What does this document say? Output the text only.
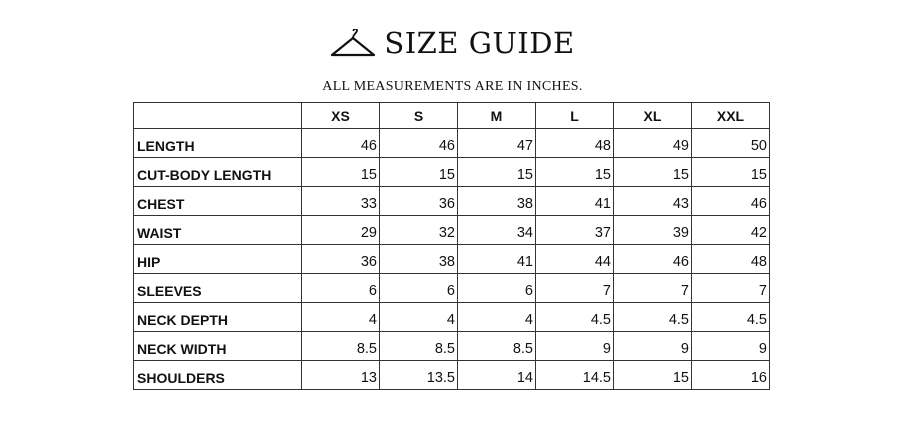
SIZE GUIDE
ALL MEASUREMENTS ARE IN INCHES.
	XS	S	M	L	XL	XXL
LENGTH	46	46	47	48	49	50
CUT-BODY LENGTH	15	15	15	15	15	15
CHEST	33	36	38	41	43	46
WAIST	29	32	34	37	39	42
HIP	36	38	41	44	46	48
SLEEVES	6	6	6	7	7	7
NECK DEPTH	4	4	4	4.5	4.5	4.5
NECK WIDTH	8.5	8.5	8.5	9	9	9
SHOULDERS	13	13.5	14	14.5	15	16
